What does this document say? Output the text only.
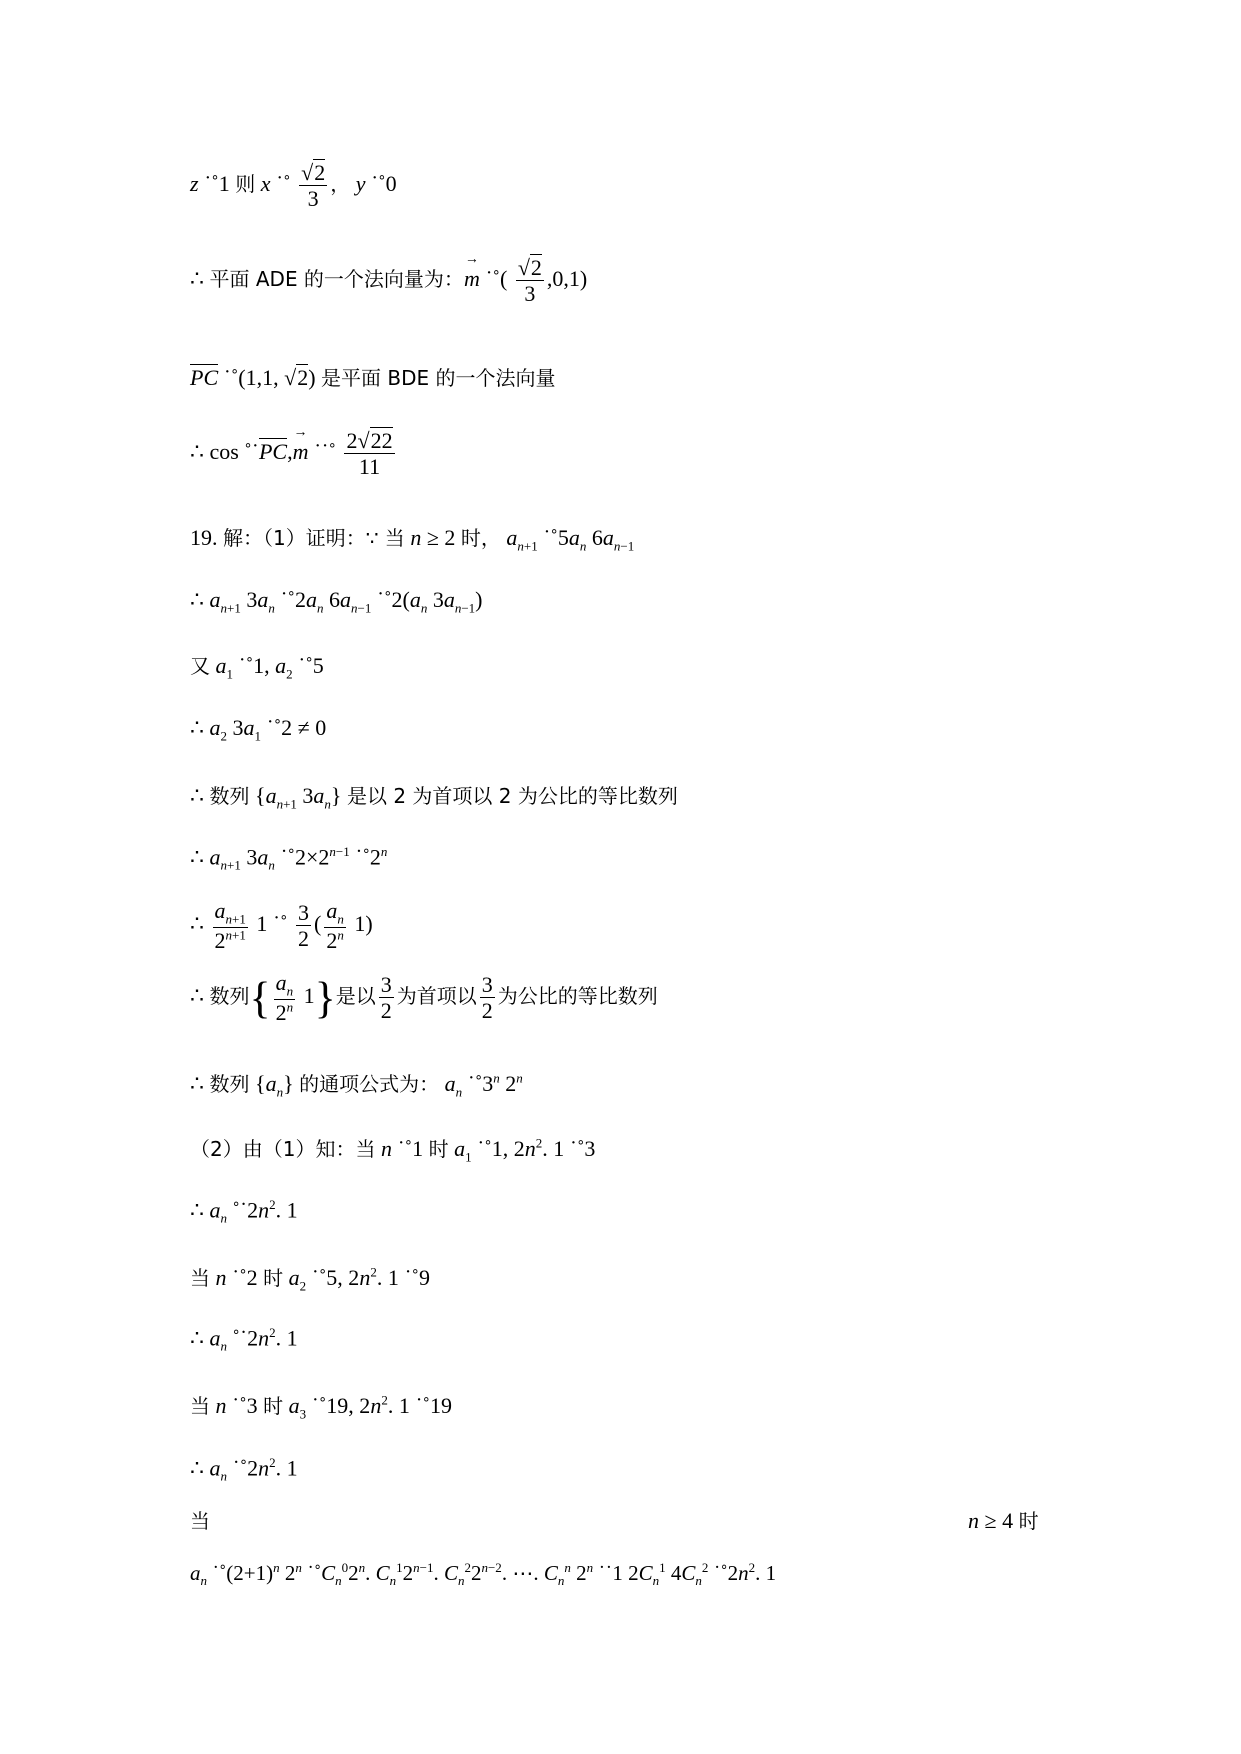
z ˙˚1 则 x ˙˚ $\frac{√2}{3}$ ， y ˙˚0
∴ 平面 ADE 的一个法向量为：m → ˙˚( $\frac{√2}{3} ,0,1$)
PC ˙˚(1,1, √2) 是平面 BDE 的一个法向量
∴ cos ˚˙PC,m → ˙˙˚ $\frac{2√22}{11}$
19. 解：（1）证明：∵ 当 n ≥ 2 时， $a_{n+1}$ $˙˚5a_n$ $6a_{n-1}$
∴ $a_{n+1}$ $3a_n$ $˙˚2a_n$ $6a_{n-1}$ $˙˚2(a_n$ $3a_{n-1}$)
又 $a_1$ ˙˚1, $a_2$ ˙˚5
∴ $a_2$ $3a_1$ ˙˚2 ≠ 0
∴ 数列 {$a_{n+1}$ $3a_n$} 是以 2 为首项以 2 为公比的等比数列
∴ $a_{n+1}$ $3a_n$ $˙˚2\times 2^{n-1}$ ˙˚2$^n$
∴ $\frac{a_{n+1}}{2^{n+1}} 1$ ˙˚ $\frac{3}{2}$ ( $\frac{a_n}{2^n} 1$)
∴ 数列{ $\frac{a_n}{2^n} 1$}是以 $\frac{3}{2}$ 为首项以 $\frac{3}{2}$ 为公比的等比数列
∴ 数列 $\{a_n\}$ 的通项公式为： $a_n$ ˙˚3$^n$ 2$^n$
（2）由（1）知：当 n ˙˚1 时 $a_1$ ˙˚1, $2n^2$. 1 ˙˚3
∴ $a_n$ $˚˙2n^2$. 1
当 n ˙˚2 时 $a_2$ ˙˚5, $2n^2$. 1 ˙˚9
∴ $a_n$ $˚˙2n^2$. 1
当 n ˙˚3 时 $a_3$ ˙˚19, $2n^2$. 1 ˙˚19
∴ $a_n$ $˙˚2n^2$. 1
当	n ≥ 4 时
$a_n$ $˙˚(2+1)^n$ 2$^n$ $˙˚C_n^02^n$. $C_n^12^{n-1}$. $C_n^22^{n-2}$. ⋯. $C_n^n$ 2$^n$ ˙˙1 $2C_n^1$ $4C_n^2$ $˙˚2n^2$. 1
